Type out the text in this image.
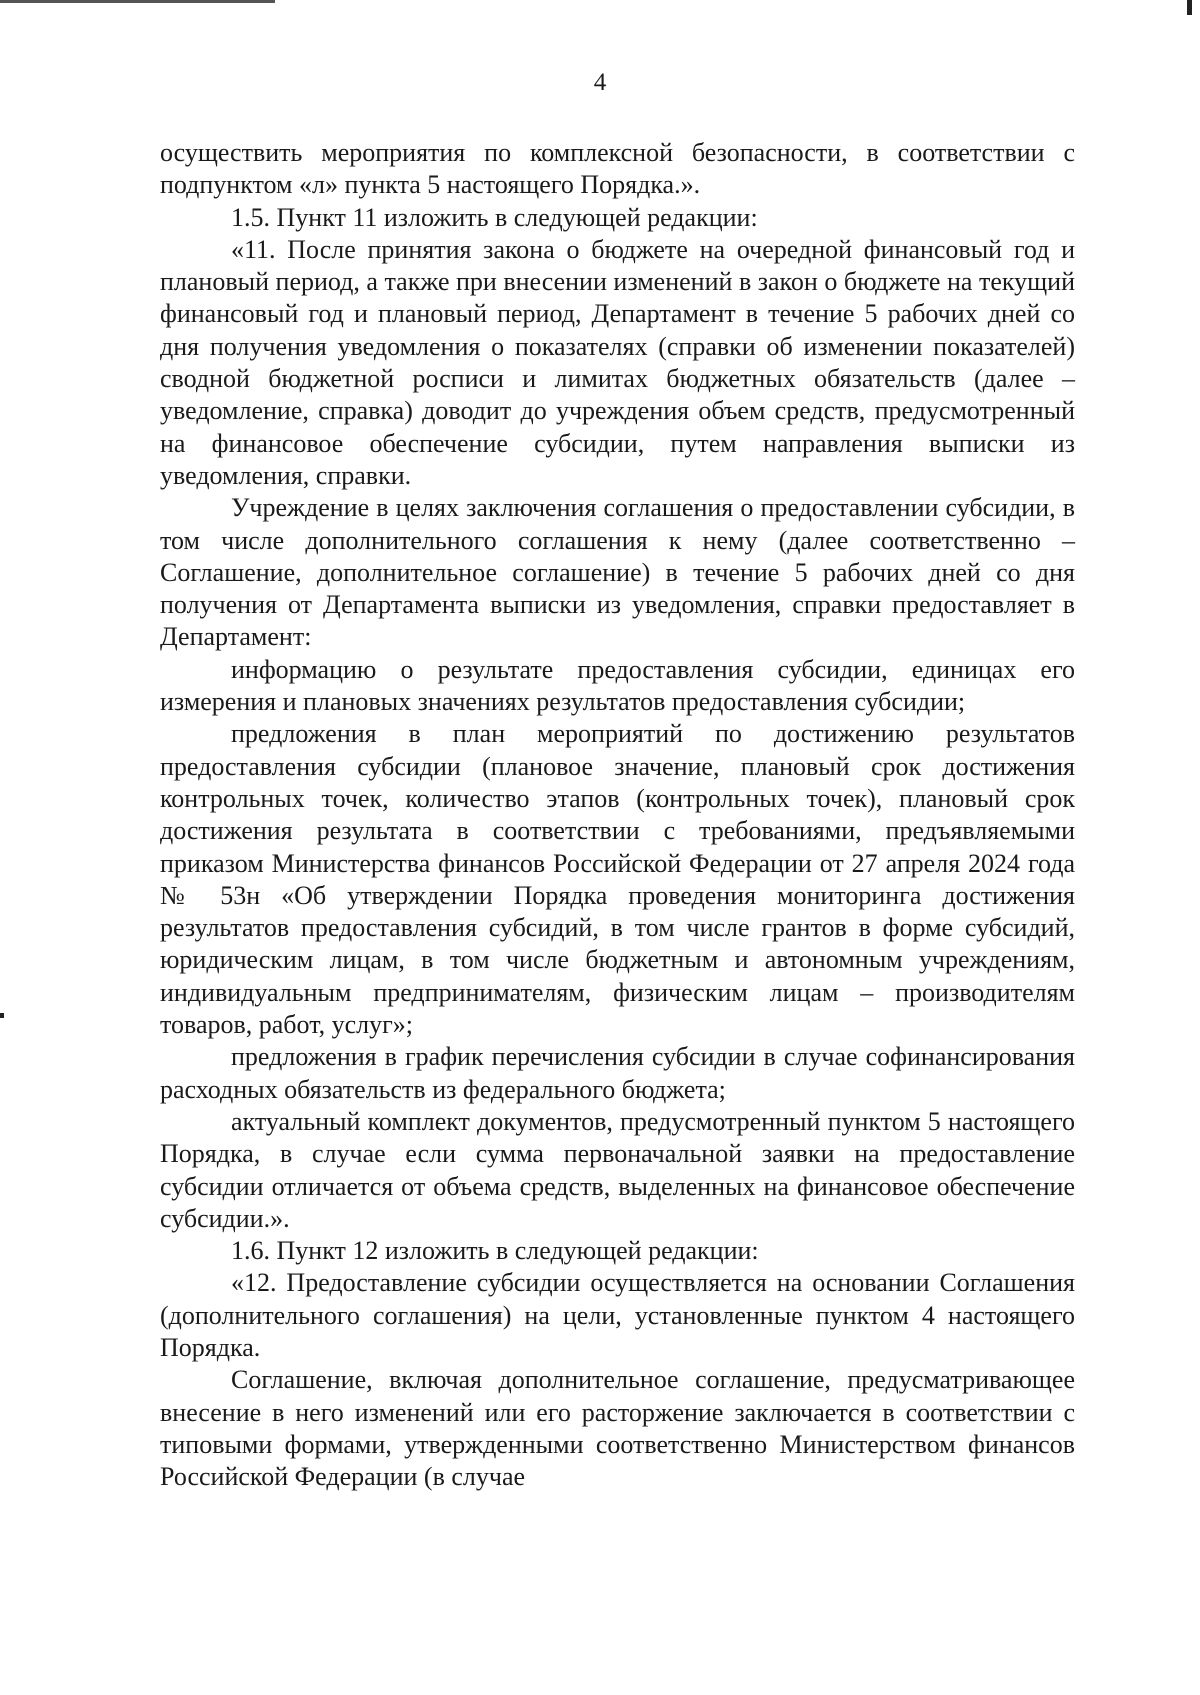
4

осуществить мероприятия по комплексной безопасности, в соответствии с подпунктом «л» пункта 5 настоящего Порядка.».

1.5. Пункт 11 изложить в следующей редакции:

«11. После принятия закона о бюджете на очередной финансовый год и плановый период, а также при внесении изменений в закон о бюджете на текущий финансовый год и плановый период, Департамент в течение 5 рабочих дней со дня получения уведомления о показателях (справки об изменении показателей) сводной бюджетной росписи и лимитах бюджетных обязательств (далее – уведомление, справка) доводит до учреждения объем средств, предусмотренный на финансовое обеспечение субсидии, путем направления выписки из уведомления, справки.

Учреждение в целях заключения соглашения о предоставлении субсидии, в том числе дополнительного соглашения к нему (далее соответственно – Соглашение, дополнительное соглашение) в течение 5 рабочих дней со дня получения от Департамента выписки из уведомления, справки предоставляет в Департамент:

информацию о результате предоставления субсидии, единицах его измерения и плановых значениях результатов предоставления субсидии;

предложения в план мероприятий по достижению результатов предоставления субсидии (плановое значение, плановый срок достижения контрольных точек, количество этапов (контрольных точек), плановый срок достижения результата в соответствии с требованиями, предъявляемыми приказом Министерства финансов Российской Федерации от 27 апреля 2024 года № 53н «Об утверждении Порядка проведения мониторинга достижения результатов предоставления субсидий, в том числе грантов в форме субсидий, юридическим лицам, в том числе бюджетным и автономным учреждениям, индивидуальным предпринимателям, физическим лицам – производителям товаров, работ, услуг»;

предложения в график перечисления субсидии в случае софинансирования расходных обязательств из федерального бюджета;

актуальный комплект документов, предусмотренный пунктом 5 настоящего Порядка, в случае если сумма первоначальной заявки на предоставление субсидии отличается от объема средств, выделенных на финансовое обеспечение субсидии.».

1.6. Пункт 12 изложить в следующей редакции:

«12. Предоставление субсидии осуществляется на основании Соглашения (дополнительного соглашения) на цели, установленные пунктом 4 настоящего Порядка.

Соглашение, включая дополнительное соглашение, предусматривающее внесение в него изменений или его расторжение заключается в соответствии с типовыми формами, утвержденными соответственно Министерством финансов Российской Федерации (в случае
